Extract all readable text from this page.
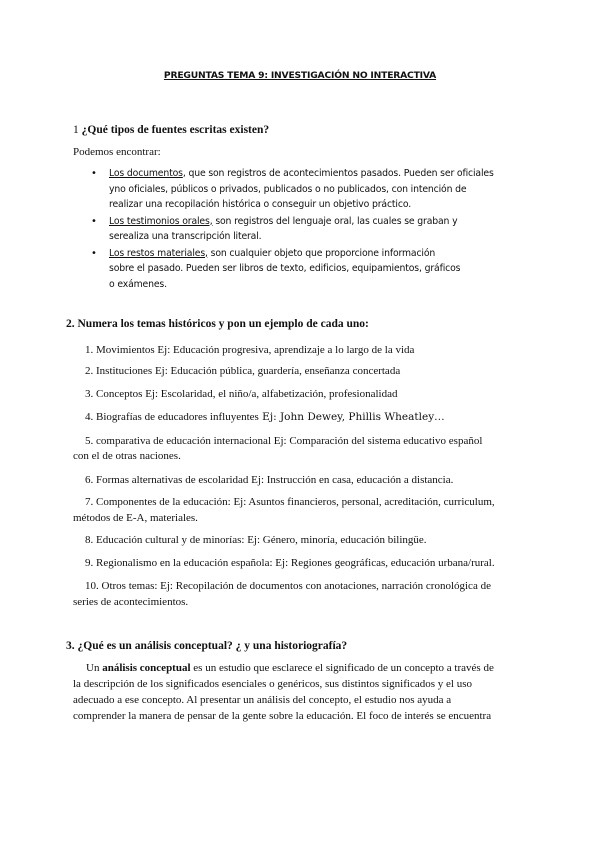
PREGUNTAS TEMA 9: INVESTIGACIÓN NO INTERACTIVA
1 ¿Qué tipos de fuentes escritas existen?
Podemos encontrar:
• Los documentos, que son registros de acontecimientos pasados. Pueden ser oficiales
yno oficiales, públicos o privados, publicados o no publicados, con intención de
realizar una recopilación histórica o conseguir un objetivo práctico.
• Los testimonios orales, son registros del lenguaje oral, las cuales se graban y
serealiza una transcripción literal.
• Los restos materiales, son cualquier objeto que proporcione información
sobre el pasado. Pueden ser libros de texto, edificios, equipamientos, gráficos
o exámenes.
2. Numera los temas históricos y pon un ejemplo de cada uno:
1. Movimientos Ej: Educación progresiva, aprendizaje a lo largo de la vida
2. Instituciones Ej: Educación pública, guardería, enseñanza concertada
3. Conceptos Ej: Escolaridad, el niño/a, alfabetización, profesionalidad
4. Biografías de educadores influyentes Ej: John Dewey, Phillis Wheatley…
5. comparativa de educación internacional Ej: Comparación del sistema educativo español
con el de otras naciones.
6. Formas alternativas de escolaridad Ej: Instrucción en casa, educación a distancia.
7. Componentes de la educación: Ej: Asuntos financieros, personal, acreditación, curriculum,
métodos de E-A, materiales.
8. Educación cultural y de minorías: Ej: Género, minoría, educación bilingüe.
9. Regionalismo en la educación española: Ej: Regiones geográficas, educación urbana/rural.
10. Otros temas: Ej: Recopilación de documentos con anotaciones, narración cronológica de
series de acontecimientos.
3. ¿Qué es un análisis conceptual? ¿ y una historiografía?
Un análisis conceptual es un estudio que esclarece el significado de un concepto a través de
la descripción de los significados esenciales o genéricos, sus distintos significados y el uso
adecuado a ese concepto. Al presentar un análisis del concepto, el estudio nos ayuda a
comprender la manera de pensar de la gente sobre la educación. El foco de interés se encuentra
